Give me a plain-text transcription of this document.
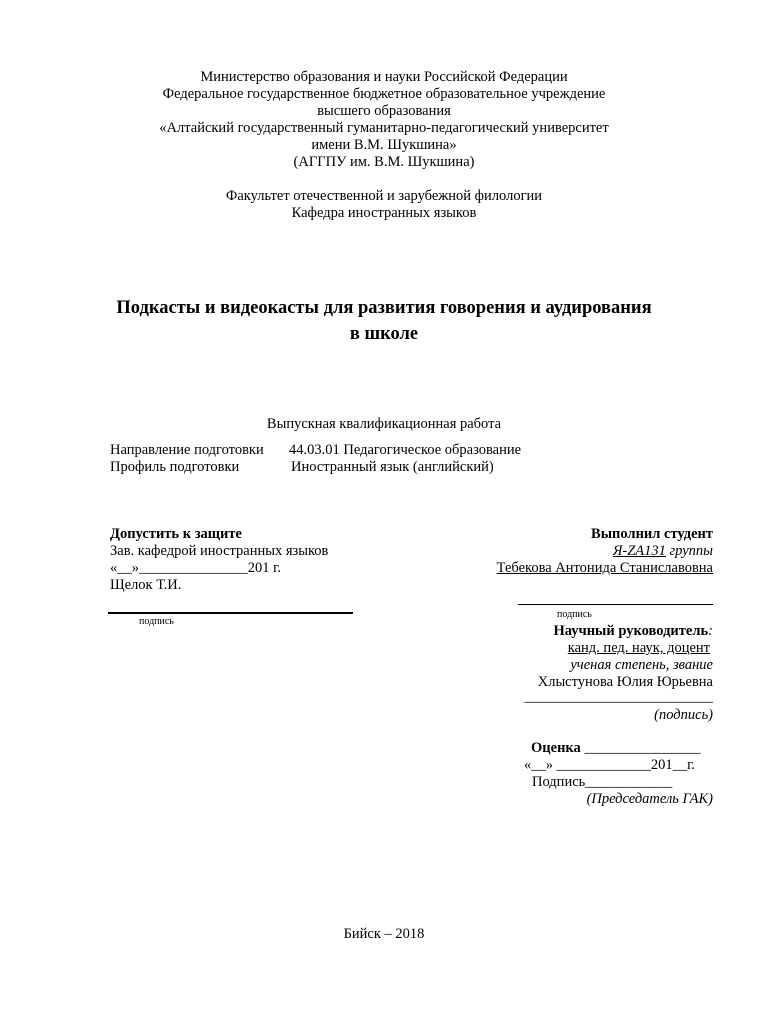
Министерство образования и науки Российской Федерации
Федеральное государственное бюджетное образовательное учреждение
высшего образования
«Алтайский государственный гуманитарно-педагогический университет
имени В.М. Шукшина»
(АГГПУ им. В.М. Шукшина)
Факультет отечественной и зарубежной филологии
Кафедра иностранных языков
Подкасты и видеокасты для развития говорения и аудирования
в школе
Выпускная квалификационная работа
Направление подготовки 44.03.01 Педагогическое образование
Профиль подготовки	Иностранный язык (английский)
Допустить к защите
Зав. кафедрой иностранных языков
«__»_______________201 г.
Щелок Т.И.
подпись
Выполнил студент
Я-ZA131 группы
Тебекова Антонида Станиславовна
подпись
Научный руководитель:
канд. пед. наук, доцент
ученая степень, звание
Хлыстунова Юлия Юрьевна
__________________________
(подпись)
Оценка ________________
«__» _____________201__г.
Подпись____________
(Председатель ГАК)
Бийск – 2018
